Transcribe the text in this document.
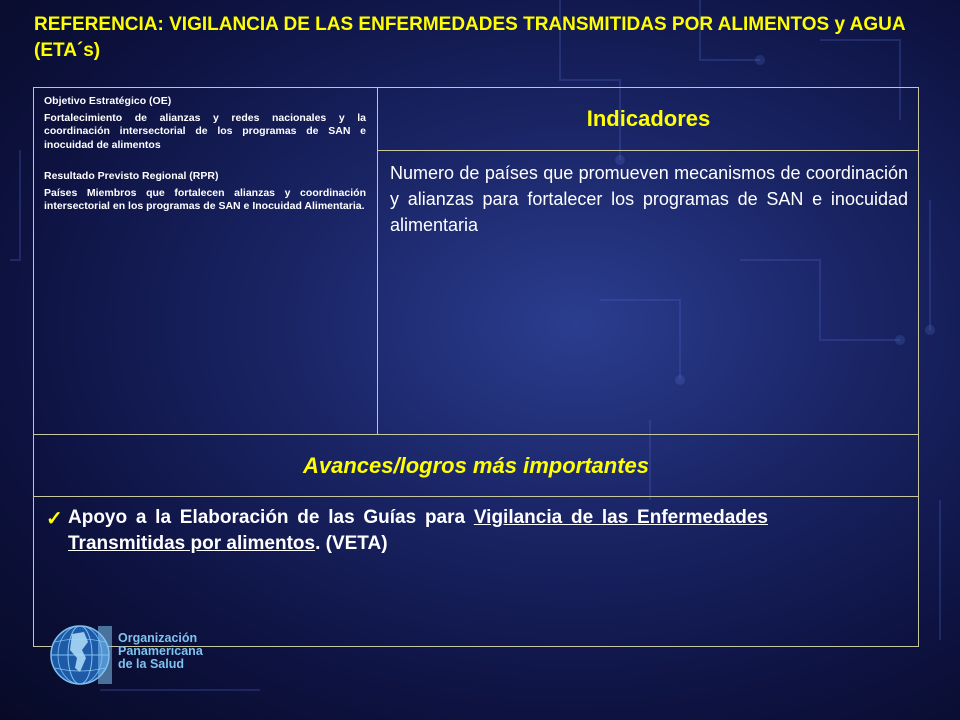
REFERENCIA: VIGILANCIA DE LAS ENFERMEDADES TRANSMITIDAS POR ALIMENTOS y AGUA (ETA´s)

Objetivo Estratégico (OE)

Fortalecimiento de alianzas y redes nacionales y la coordinación intersectorial de los programas de SAN e inocuidad de alimentos

Resultado Previsto Regional (RPR)

Países Miembros que fortalecen alianzas y coordinación intersectorial en los programas de SAN e Inocuidad Alimentaria.

Indicadores
Numero de países que promueven mecanismos de coordinación y alianzas para fortalecer los programas de SAN e inocuidad alimentaria
Avances/logros más importantes
✓ Apoyo a la Elaboración de las Guías para Vigilancia de las Enfermedades Transmitidas por alimentos. (VETA)
Organización
Panamericana
de la Salud
